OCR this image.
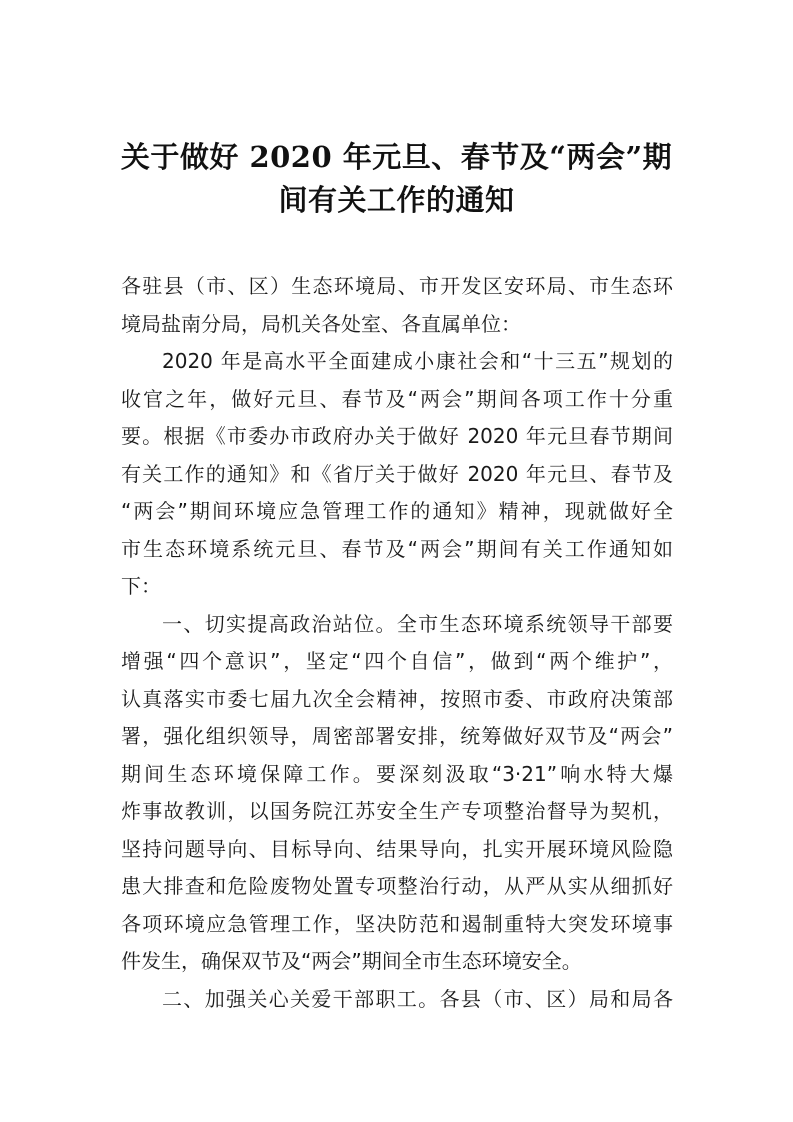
关于做好 2020 年元旦、春节及“两会”期
间有关工作的通知
各驻县（市、区）生态环境局、市开发区安环局、市生态环
境局盐南分局，局机关各处室、各直属单位：
2020 年是高水平全面建成小康社会和“十三五”规划的
收官之年，做好元旦、春节及“两会”期间各项工作十分重
要。根据《市委办市政府办关于做好 2020 年元旦春节期间
有关工作的通知》和《省厅关于做好 2020 年元旦、春节及
“两会”期间环境应急管理工作的通知》精神，现就做好全
市生态环境系统元旦、春节及“两会”期间有关工作通知如
下：
一、切实提高政治站位。全市生态环境系统领导干部要
增强“四个意识”，坚定“四个自信”，做到“两个维护”，
认真落实市委七届九次全会精神，按照市委、市政府决策部
署，强化组织领导，周密部署安排，统筹做好双节及“两会”
期间生态环境保障工作。要深刻汲取“3·21”响水特大爆
炸事故教训，以国务院江苏安全生产专项整治督导为契机，
坚持问题导向、目标导向、结果导向，扎实开展环境风险隐
患大排查和危险废物处置专项整治行动，从严从实从细抓好
各项环境应急管理工作，坚决防范和遏制重特大突发环境事
件发生，确保双节及“两会”期间全市生态环境安全。
二、加强关心关爱干部职工。各县（市、区）局和局各
